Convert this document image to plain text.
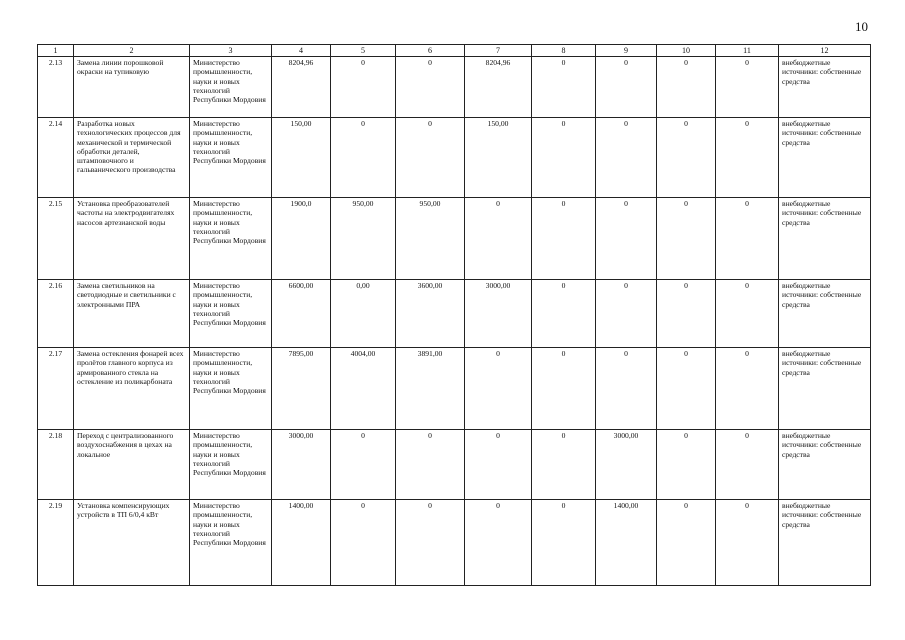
10
1	2	3	4	5	6	7	8	9	10	11	12
2.13	Замена линии порошковой окраски на тупиковую	Министерство промышленности, науки и новых технологий Республики Мордовия	8204,96	0	0	8204,96	0	0	0	0	внебюджетные источники: собственные средства
2.14	Разработка новых технологических процессов для механической и термической обработки деталей, штамповочного и гальванического производства	Министерство промышленности, науки и новых технологий Республики Мордовия	150,00	0	0	150,00	0	0	0	0	внебюджетные источники: собственные средства
2.15	Установка преобразователей частоты на электродвигателях насосов артезианской воды	Министерство промышленности, науки и новых технологий Республики Мордовия	1900,0	950,00	950,00	0	0	0	0	0	внебюджетные источники: собственные средства
2.16	Замена светильников на светодиодные и светильники с электронными ПРА	Министерство промышленности, науки и новых технологий Республики Мордовия	6600,00	0,00	3600,00	3000,00	0	0	0	0	внебюджетные источники: собственные средства
2.17	Замена остекления фонарей всех пролётов главного корпуса из армированного стекла на остекление из поликарбоната	Министерство промышленности, науки и новых технологий Республики Мордовия	7895,00	4004,00	3891,00	0	0	0	0	0	внебюджетные источники: собственные средства
2.18	Переход с централизованного воздухоснабжения в цехах на локальное	Министерство промышленности, науки и новых технологий Республики Мордовия	3000,00	0	0	0	0	3000,00	0	0	внебюджетные источники: собственные средства
2.19	Установка компенсирующих устройств в ТП 6/0,4 кВт	Министерство промышленности, науки и новых технологий Республики Мордовия	1400,00	0	0	0	0	1400,00	0	0	внебюджетные источники: собственные средства
